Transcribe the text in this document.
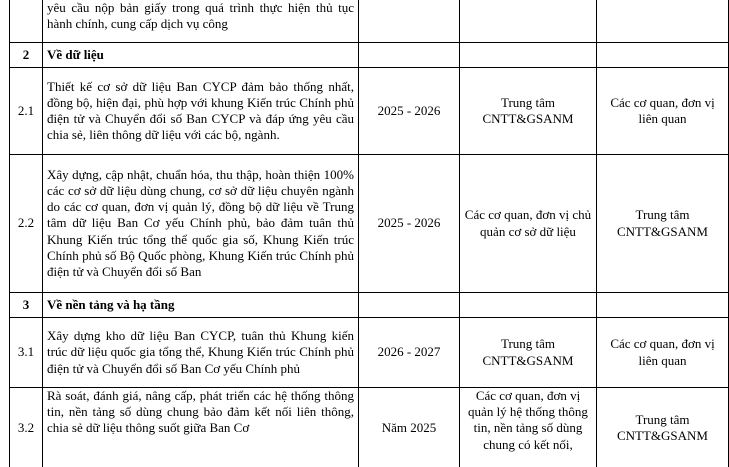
	yêu cầu nộp bản giấy trong quá trình thực hiện thủ tục hành chính, cung cấp dịch vụ công			
2	Về dữ liệu			
2.1	Thiết kế cơ sở dữ liệu Ban CYCP đảm bảo thống nhất, đồng bộ, hiện đại, phù hợp với khung Kiến trúc Chính phủ điện tử và Chuyển đổi số Ban CYCP và đáp ứng yêu cầu chia sẻ, liên thông dữ liệu với các bộ, ngành.	2025 - 2026	Trung tâm CNTT&GSANM	Các cơ quan, đơn vị liên quan
2.2	Xây dựng, cập nhật, chuẩn hóa, thu thập, hoàn thiện 100% các cơ sở dữ liệu dùng chung, cơ sở dữ liệu chuyên ngành do các cơ quan, đơn vị quản lý, đồng bộ dữ liệu về Trung tâm dữ liệu Ban Cơ yếu Chính phủ, bảo đảm tuân thủ Khung Kiến trúc tổng thể quốc gia số, Khung Kiến trúc Chính phủ số Bộ Quốc phòng, Khung Kiến trúc Chính phủ điện tử và Chuyển đổi số Ban	2025 - 2026	Các cơ quan, đơn vị chủ quản cơ sở dữ liệu	Trung tâm CNTT&GSANM
3	Về nền tảng và hạ tầng			
3.1	Xây dựng kho dữ liệu Ban CYCP, tuân thủ Khung kiến trúc dữ liệu quốc gia tổng thể, Khung Kiến trúc Chính phủ điện tử và Chuyển đổi số Ban Cơ yếu Chính phủ	2026 - 2027	Trung tâm CNTT&GSANM	Các cơ quan, đơn vị liên quan
3.2	Rà soát, đánh giá, nâng cấp, phát triển các hệ thống thông tin, nền tảng số dùng chung bảo đảm kết nối liên thông, chia sẻ dữ liệu thông suốt giữa Ban Cơ	Năm 2025	Các cơ quan, đơn vị quản lý hệ thống thông tin, nền tảng số dùng chung có kết nối,	Trung tâm CNTT&GSANM
